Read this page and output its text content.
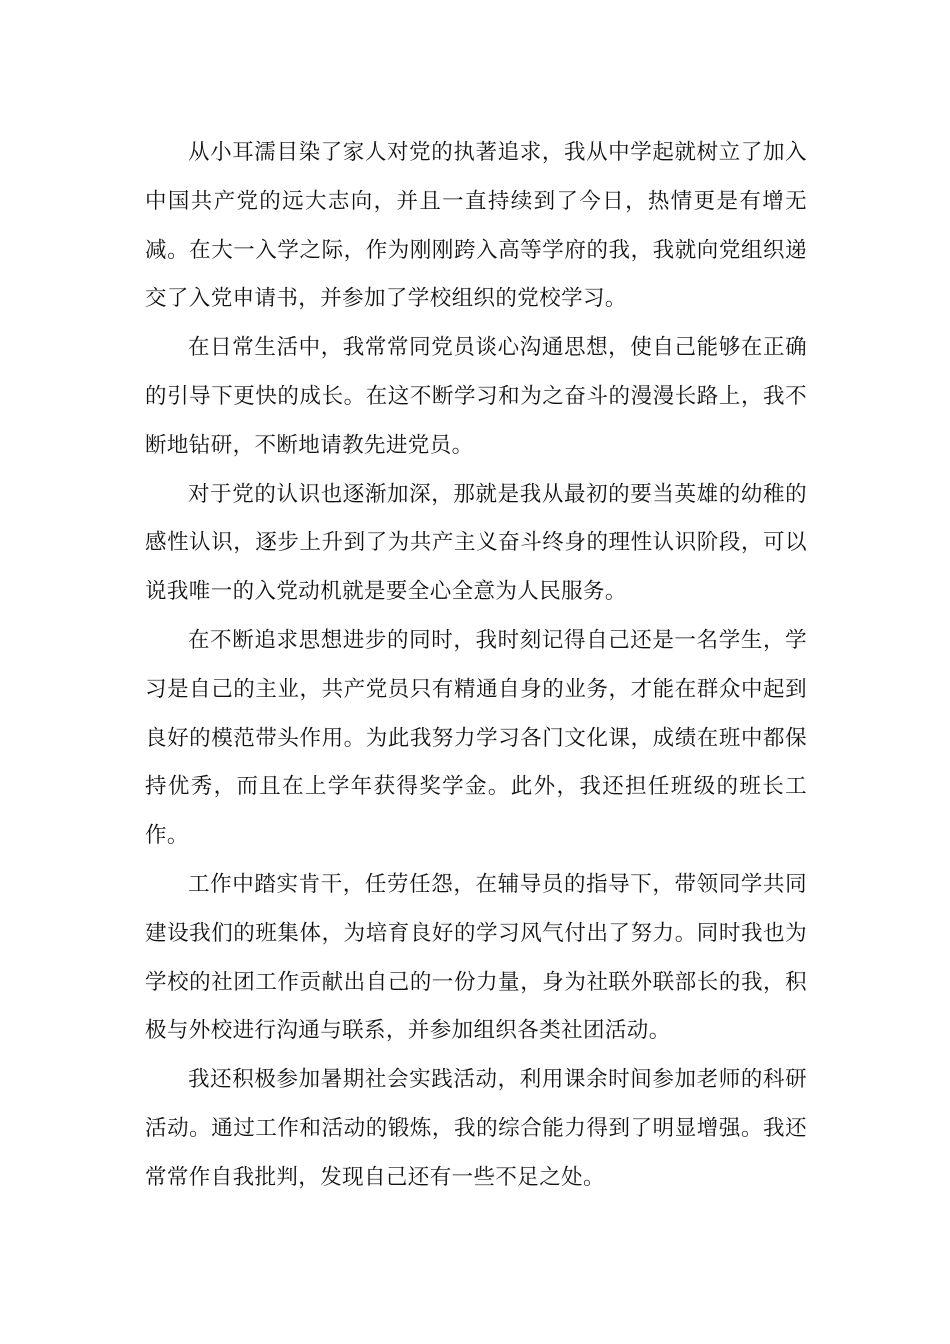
从小耳濡目染了家人对党的执著追求，我从中学起就树立了加入中国共产党的远大志向，并且一直持续到了今日，热情更是有增无减。在大一入学之际，作为刚刚跨入高等学府的我，我就向党组织递交了入党申请书，并参加了学校组织的党校学习。

在日常生活中，我常常同党员谈心沟通思想，使自己能够在正确的引导下更快的成长。在这不断学习和为之奋斗的漫漫长路上，我不断地钻研，不断地请教先进党员。

对于党的认识也逐渐加深，那就是我从最初的要当英雄的幼稚的感性认识，逐步上升到了为共产主义奋斗终身的理性认识阶段，可以说我唯一的入党动机就是要全心全意为人民服务。

在不断追求思想进步的同时，我时刻记得自己还是一名学生，学习是自己的主业，共产党员只有精通自身的业务，才能在群众中起到良好的模范带头作用。为此我努力学习各门文化课，成绩在班中都保持优秀，而且在上学年获得奖学金。此外，我还担任班级的班长工作。

工作中踏实肯干，任劳任怨，在辅导员的指导下，带领同学共同建设我们的班集体，为培育良好的学习风气付出了努力。同时我也为学校的社团工作贡献出自己的一份力量，身为社联外联部长的我，积极与外校进行沟通与联系，并参加组织各类社团活动。

我还积极参加暑期社会实践活动，利用课余时间参加老师的科研活动。通过工作和活动的锻炼，我的综合能力得到了明显增强。我还常常作自我批判，发现自己还有一些不足之处。
